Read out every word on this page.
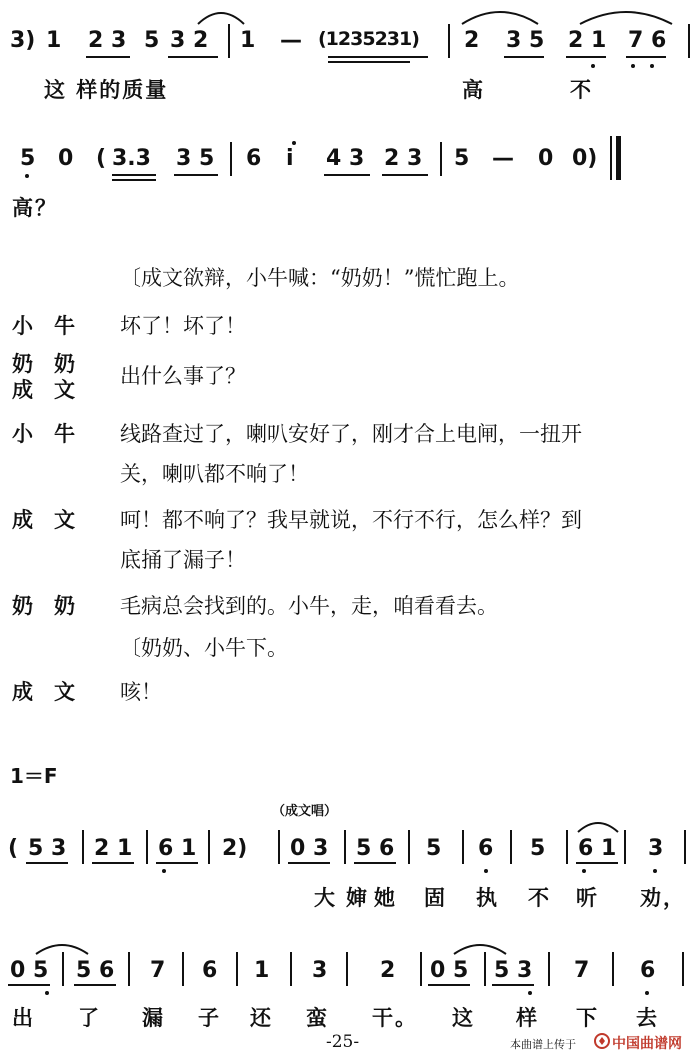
3) 1 2 3 5 3 2 1 — (1235231) 2 3 5 2 1 7 6
这 样的质量	高	不
5 0 ( 3.3 3 5 6 i 4 3 2 3 5 — 0 0)
高？
〔成文欲辩，小牛喊：“奶奶！”慌忙跑上。
小　牛 坏了！坏了！
奶　奶
成　文
出什么事了？
小　牛 线路查过了，喇叭安好了，刚才合上电闸，一扭开
关，喇叭都不响了！
成　文 呵！都不响了？我早就说，不行不行，怎么样？到
底捅了漏子！
奶　奶 毛病总会找到的。小牛，走，咱看看去。
〔奶奶、小牛下。
成　文 咳！
1＝F
（成文唱）
( 5 3 2 1 6 1 2) 0 3 5 6 5 6 5 6 1 3
大 婶 她 固 执 不 听 劝，
0 5 5 6 7 6 1 3 2 0 5 5 3 7 6
出 了 漏 子 还 蛮 干。 这 样 下 去
-25-	本曲谱上传于	中国曲谱网
